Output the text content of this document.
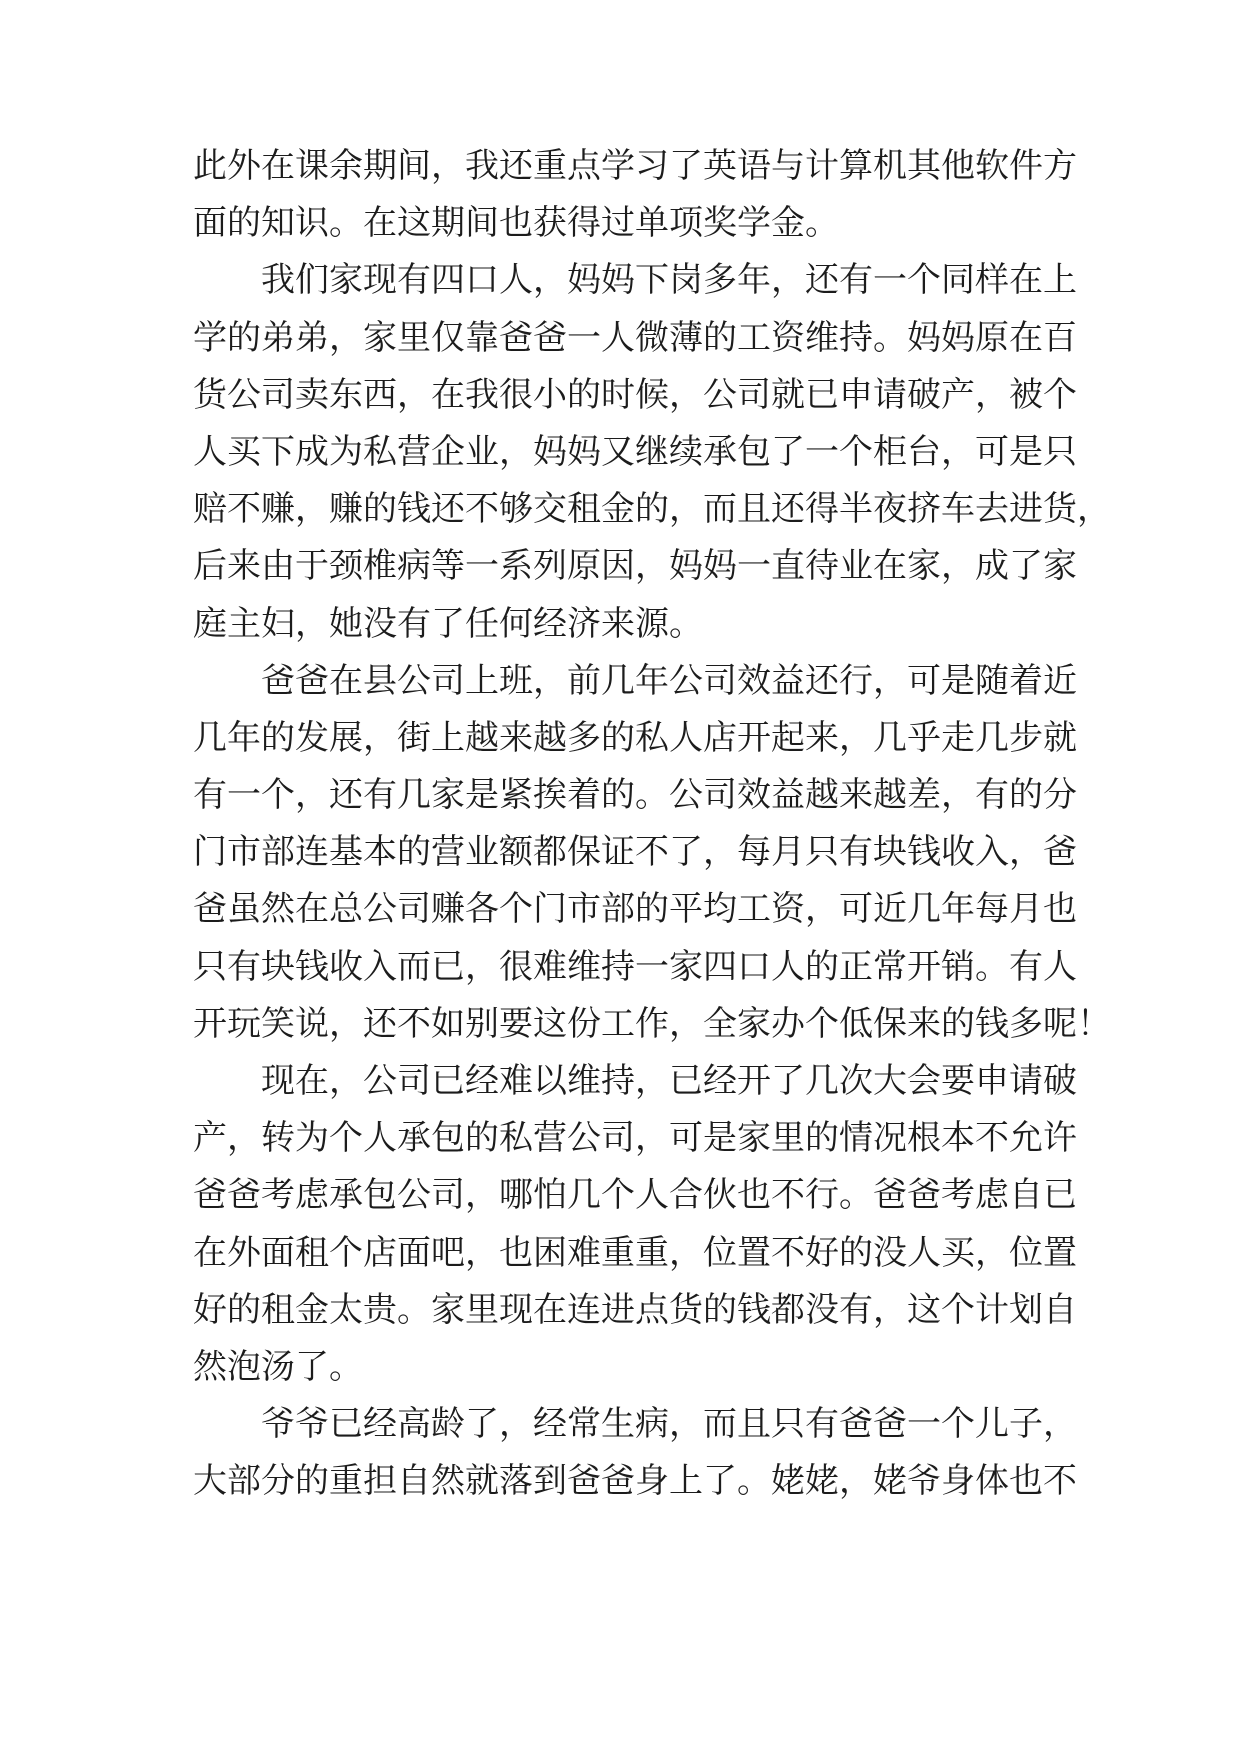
此外在课余期间，我还重点学习了英语与计算机其他软件方
面的知识。在这期间也获得过单项奖学金。
我们家现有四口人，妈妈下岗多年，还有一个同样在上
学的弟弟，家里仅靠爸爸一人微薄的工资维持。妈妈原在百
货公司卖东西，在我很小的时候，公司就已申请破产，被个
人买下成为私营企业，妈妈又继续承包了一个柜台，可是只
赔不赚，赚的钱还不够交租金的，而且还得半夜挤车去进货，
后来由于颈椎病等一系列原因，妈妈一直待业在家，成了家
庭主妇，她没有了任何经济来源。
爸爸在县公司上班，前几年公司效益还行，可是随着近
几年的发展，街上越来越多的私人店开起来，几乎走几步就
有一个，还有几家是紧挨着的。公司效益越来越差，有的分
门市部连基本的营业额都保证不了，每月只有块钱收入，爸
爸虽然在总公司赚各个门市部的平均工资，可近几年每月也
只有块钱收入而已，很难维持一家四口人的正常开销。有人
开玩笑说，还不如别要这份工作，全家办个低保来的钱多呢！
现在，公司已经难以维持，已经开了几次大会要申请破
产，转为个人承包的私营公司，可是家里的情况根本不允许
爸爸考虑承包公司，哪怕几个人合伙也不行。爸爸考虑自已
在外面租个店面吧，也困难重重，位置不好的没人买，位置
好的租金太贵。家里现在连进点货的钱都没有，这个计划自
然泡汤了。
爷爷已经高龄了，经常生病，而且只有爸爸一个儿子，
大部分的重担自然就落到爸爸身上了。姥姥，姥爷身体也不
